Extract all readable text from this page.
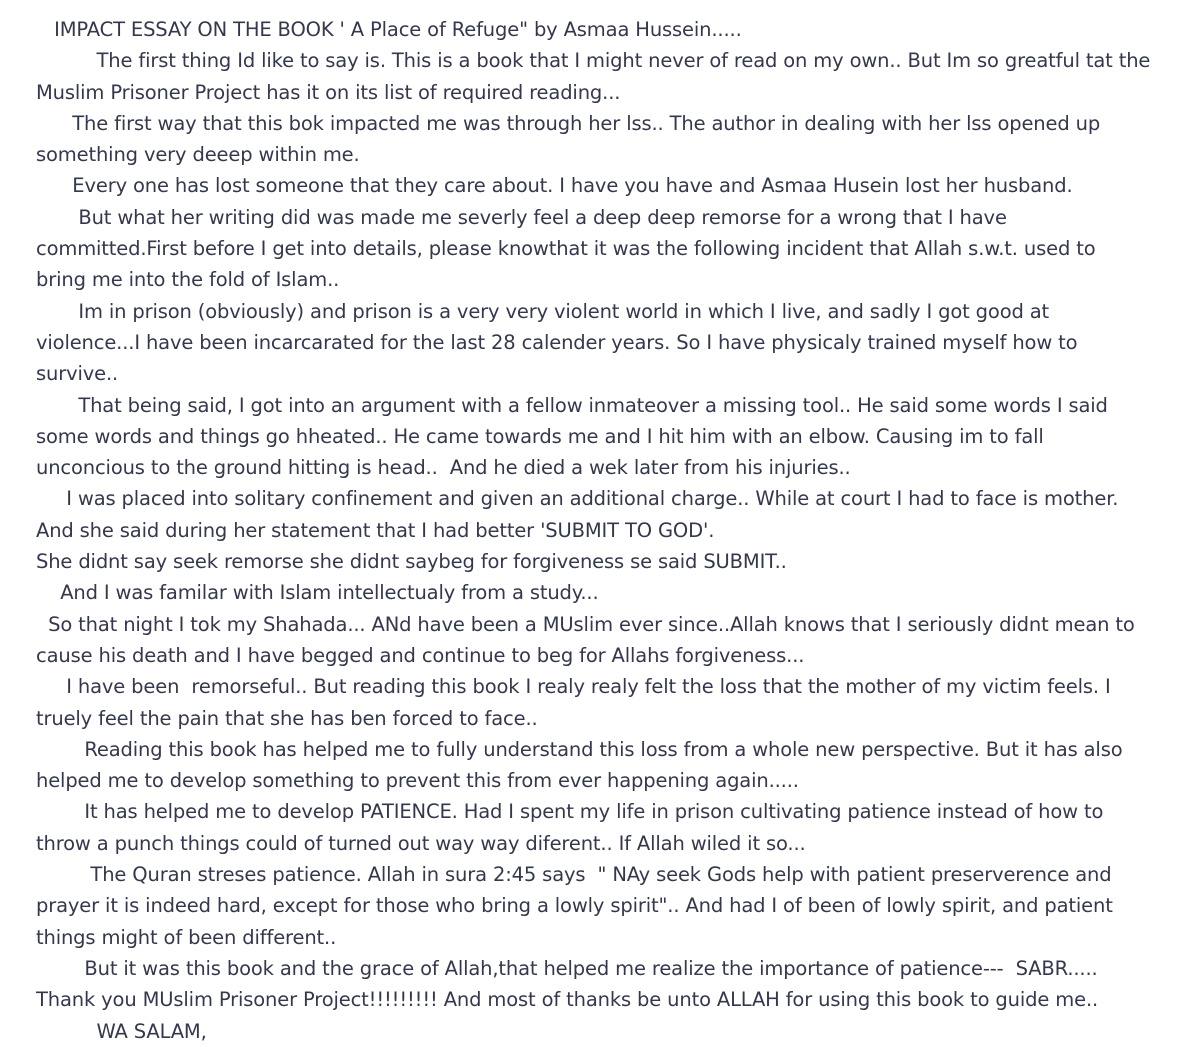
IMPACT ESSAY ON THE BOOK ' A Place of Refuge" by Asmaa Hussein.....
The first thing Id like to say is. This is a book that I might never of read on my own.. But Im so greatful tat the
Muslim Prisoner Project has it on its list of required reading...
The first way that this bok impacted me was through her lss.. The author in dealing with her lss opened up
something very deeep within me.
Every one has lost someone that they care about. I have you have and Asmaa Husein lost her husband.
But what her writing did was made me severly feel a deep deep remorse for a wrong that I have
committed.First before I get into details, please knowthat it was the following incident that Allah s.w.t. used to
bring me into the fold of Islam..
Im in prison (obviously) and prison is a very very violent world in which I live, and sadly I got good at
violence...I have been incarcarated for the last 28 calender years. So I have physicaly trained myself how to
survive..
That being said, I got into an argument with a fellow inmateover a missing tool.. He said some words I said
some words and things go hheated.. He came towards me and I hit him with an elbow. Causing im to fall
unconcious to the ground hitting is head..  And he died a wek later from his injuries..
I was placed into solitary confinement and given an additional charge.. While at court I had to face is mother.
And she said during her statement that I had better 'SUBMIT TO GOD'.
She didnt say seek remorse she didnt saybeg for forgiveness se said SUBMIT..
And I was familar with Islam intellectualy from a study...
So that night I tok my Shahada... ANd have been a MUslim ever since..Allah knows that I seriously didnt mean to
cause his death and I have begged and continue to beg for Allahs forgiveness...
I have been  remorseful.. But reading this book I realy realy felt the loss that the mother of my victim feels. I
truely feel the pain that she has ben forced to face..
Reading this book has helped me to fully understand this loss from a whole new perspective. But it has also
helped me to develop something to prevent this from ever happening again.....
It has helped me to develop PATIENCE. Had I spent my life in prison cultivating patience instead of how to
throw a punch things could of turned out way way diferent.. If Allah wiled it so...
The Quran streses patience. Allah in sura 2:45 says  " NAy seek Gods help with patient preserverence and
prayer it is indeed hard, except for those who bring a lowly spirit".. And had I of been of lowly spirit, and patient
things might of been different..
But it was this book and the grace of Allah,that helped me realize the importance of patience---  SABR.....
Thank you MUslim Prisoner Project!!!!!!!!! And most of thanks be unto ALLAH for using this book to guide me..
WA SALAM,
